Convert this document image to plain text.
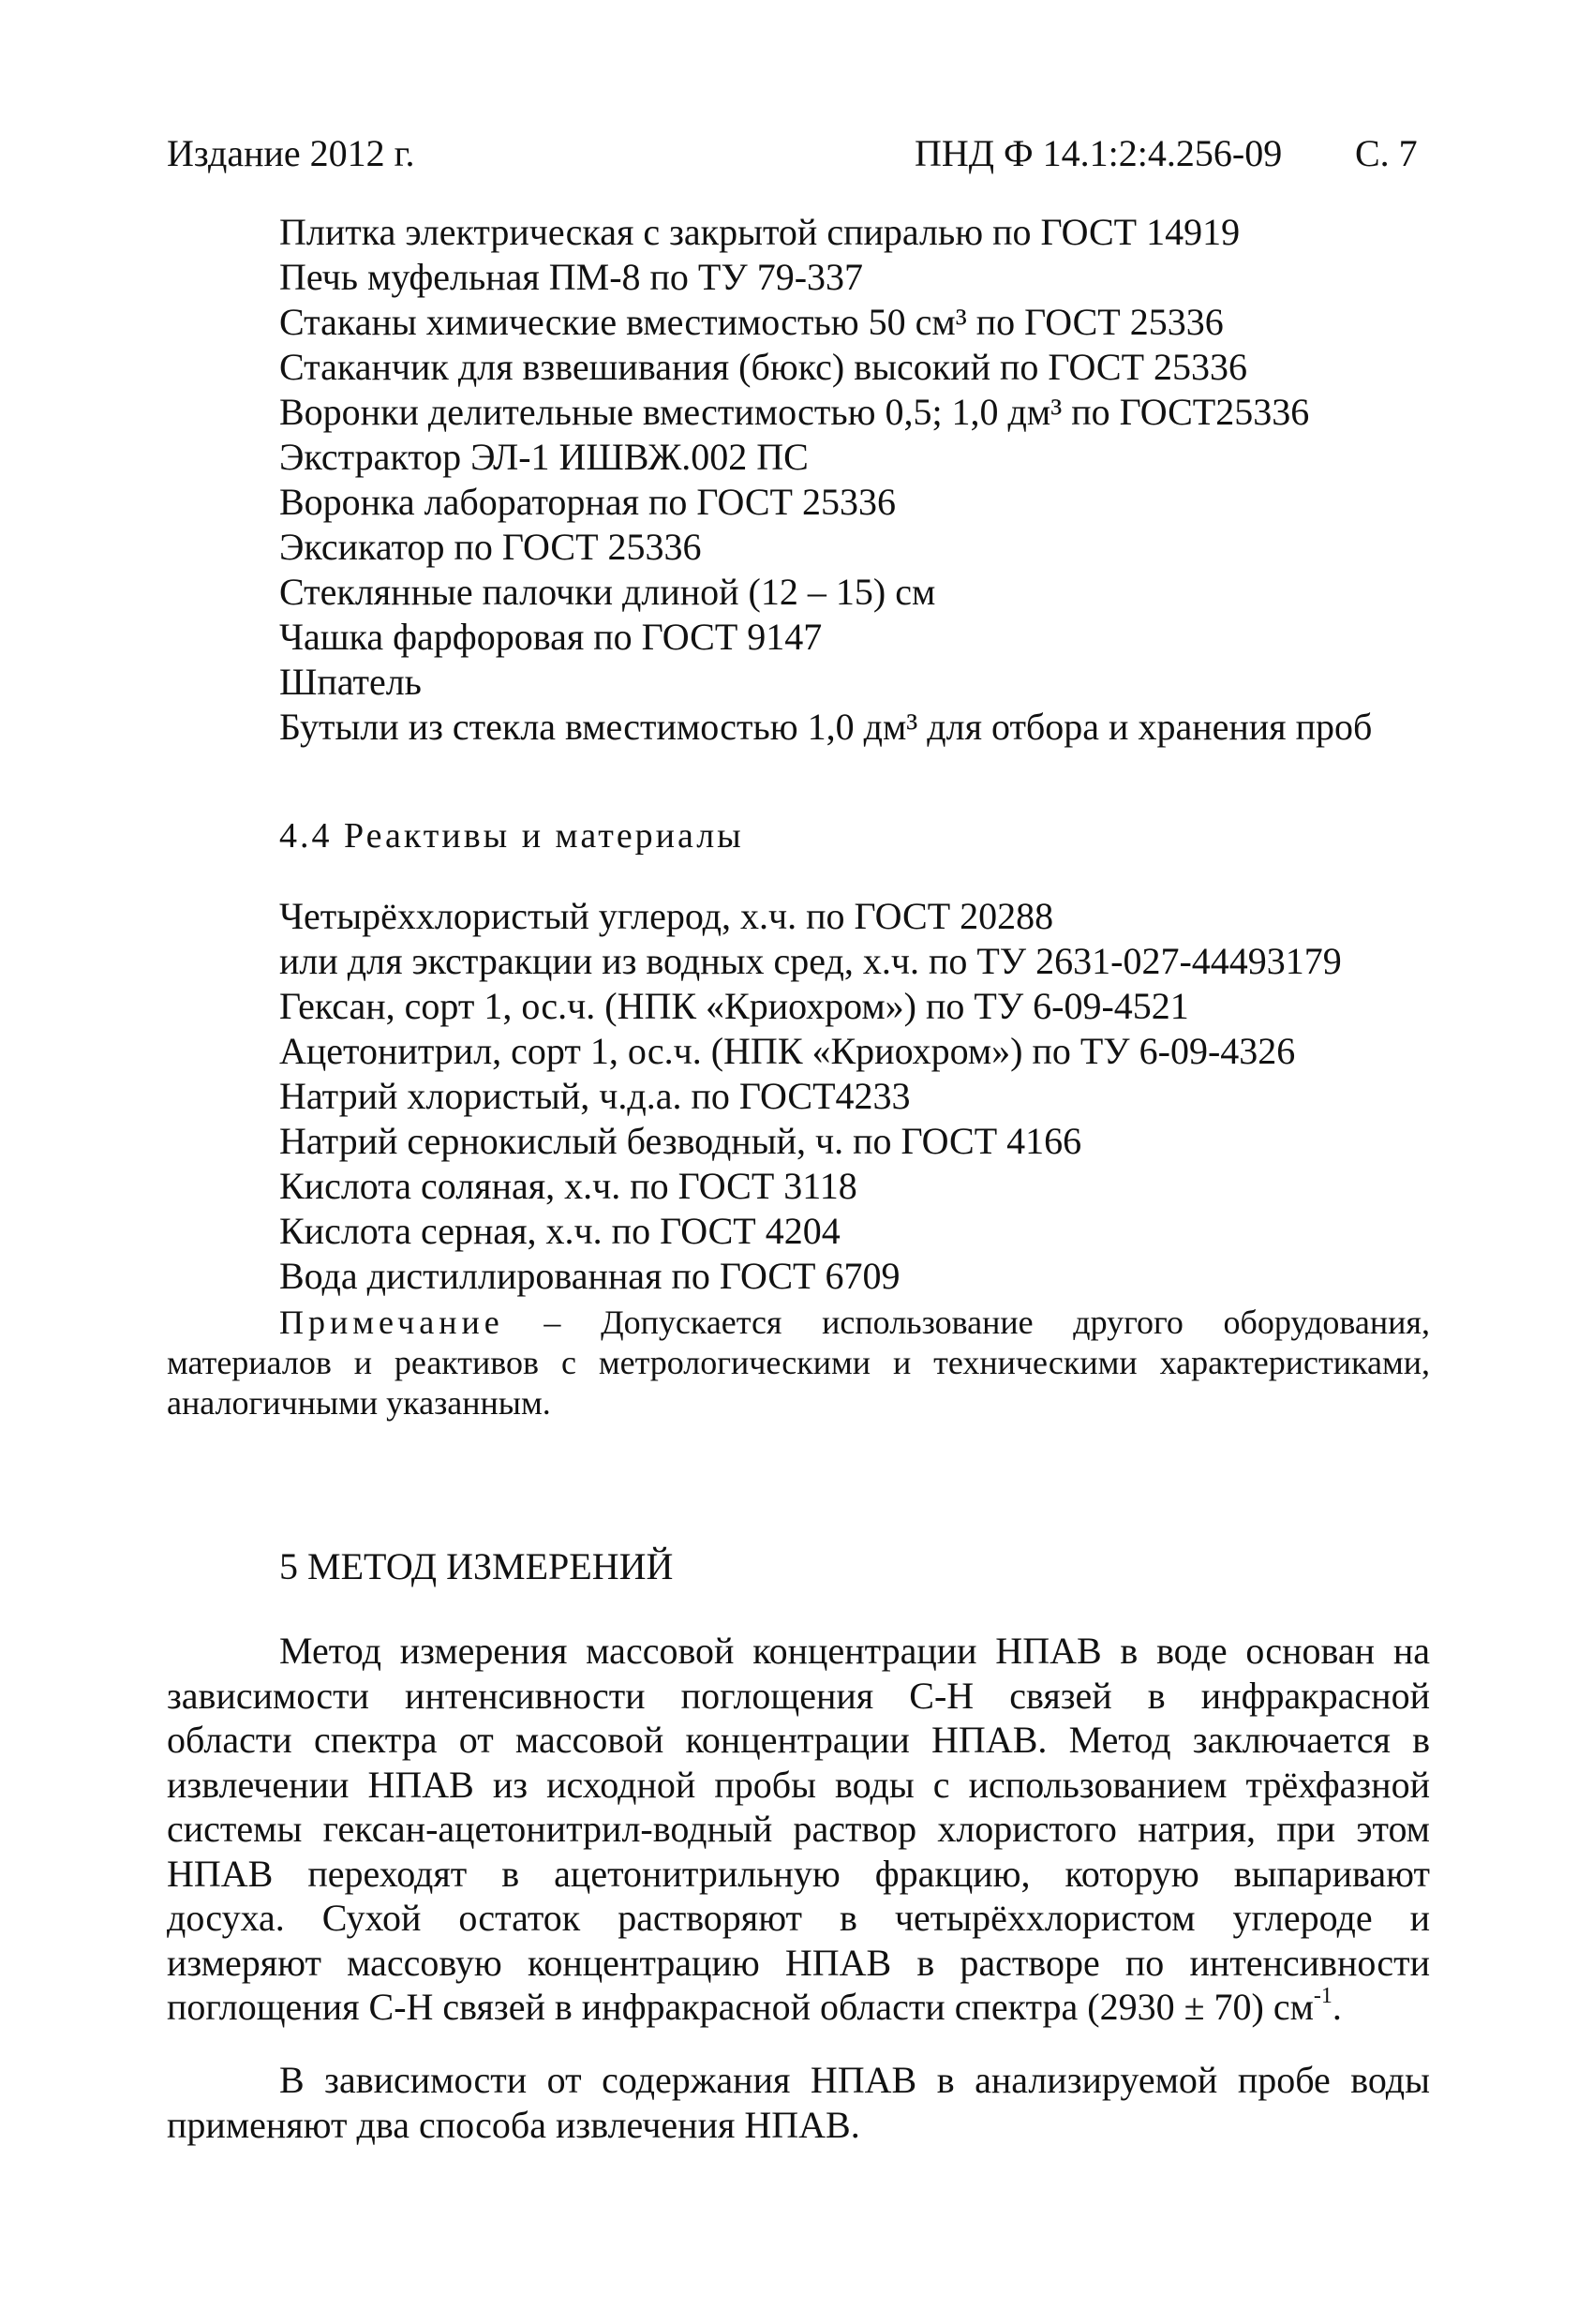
Издание 2012 г.	ПНД Ф 14.1:2:4.256-09 С. 7
Плитка электрическая с закрытой спиралью по ГОСТ 14919
Печь муфельная ПМ-8 по ТУ 79-337
Стаканы химические вместимостью 50 см³ по ГОСТ 25336
Стаканчик для взвешивания (бюкс) высокий по ГОСТ 25336
Воронки делительные вместимостью 0,5; 1,0 дм³ по ГОСТ25336
Экстрактор ЭЛ-1 ИШВЖ.002 ПС
Воронка лабораторная по ГОСТ 25336
Эксикатор по ГОСТ 25336
Стеклянные палочки длиной (12 – 15) см
Чашка фарфоровая по ГОСТ 9147
Шпатель
Бутыли из стекла вместимостью 1,0 дм³ для отбора и хранения проб
4.4 Реактивы и материалы
Четырёххлористый углерод, х.ч. по ГОСТ 20288
или для экстракции из водных сред, х.ч. по ТУ 2631-027-44493179
Гексан, сорт 1, ос.ч. (НПК «Криохром») по ТУ 6-09-4521
Ацетонитрил, сорт 1, ос.ч. (НПК «Криохром») по ТУ 6-09-4326
Натрий хлористый, ч.д.а. по ГОСТ4233
Натрий сернокислый безводный, ч. по ГОСТ 4166
Кислота соляная, х.ч. по ГОСТ 3118
Кислота серная, х.ч. по ГОСТ 4204
Вода дистиллированная по ГОСТ 6709
Примечание – Допускается использование другого оборудования,
материалов и реактивов с метрологическими и техническими характеристиками,
аналогичными указанным.
5 МЕТОД ИЗМЕРЕНИЙ
Метод измерения массовой концентрации НПАВ в воде основан на
зависимости интенсивности поглощения С-Н связей в инфракрасной
области спектра от массовой концентрации НПАВ. Метод заключается в
извлечении НПАВ из исходной пробы воды с использованием трёхфазной
системы гексан-ацетонитрил-водный раствор хлористого натрия, при этом
НПАВ переходят в ацетонитрильную фракцию, которую выпаривают
досуха. Сухой остаток растворяют в четырёххлористом углероде и
измеряют массовую концентрацию НПАВ в растворе по интенсивности
поглощения С-Н связей в инфракрасной области спектра (2930 ± 70) $см^{-1}$.
В зависимости от содержания НПАВ в анализируемой пробе воды
применяют два способа извлечения НПАВ.
